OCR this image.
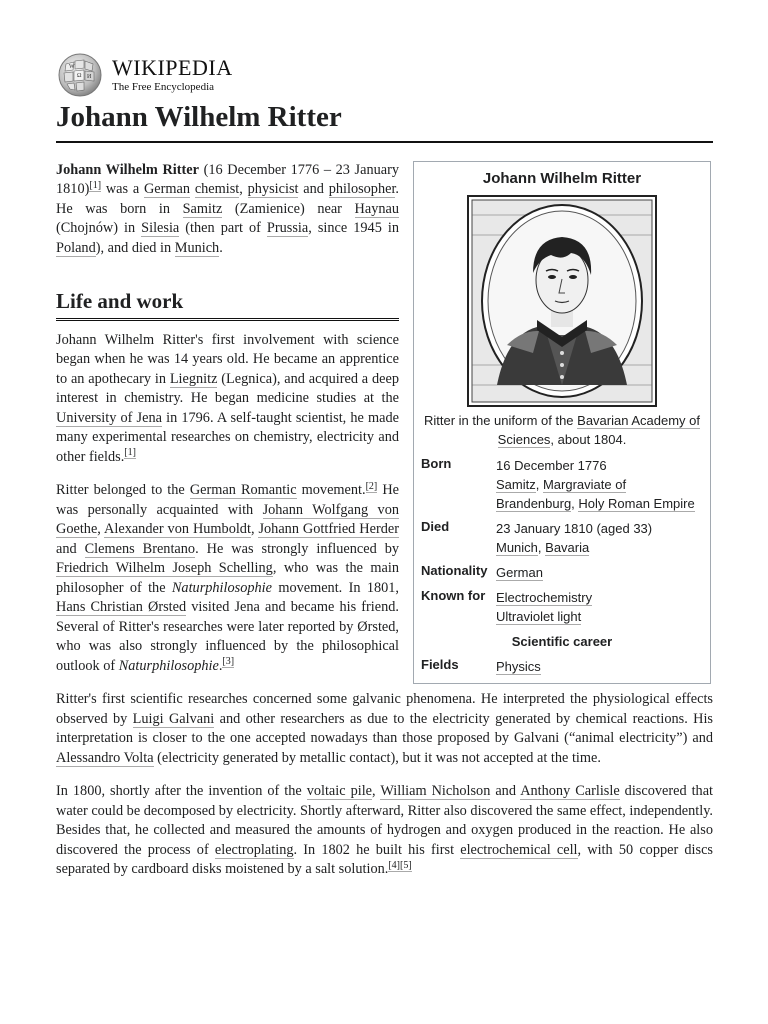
W
Ω И WIKIPEDIA
The Free Encyclopedia
Johann Wilhelm Ritter

Johann Wilhelm Ritter (16 December 1776 – 23 January 1810)[1] was a German chemist, physicist and philosopher. He was born in Samitz (Zamienice) near Haynau (Chojnów) in Silesia (then part of Prussia, since 1945 in Poland), and died in Munich.

Life and work

Johann Wilhelm Ritter's first involvement with science began when he was 14 years old. He became an apprentice to an apothecary in Liegnitz (Legnica), and acquired a deep interest in chemistry. He began medicine studies at the University of Jena in 1796. A self-taught scientist, he made many experimental researches on chemistry, electricity and other fields.[1]

Ritter belonged to the German Romantic movement.[2] He was personally acquainted with Johann Wolfgang von Goethe, Alexander von Humboldt, Johann Gottfried Herder and Clemens Brentano. He was strongly influenced by Friedrich Wilhelm Joseph Schelling, who was the main philosopher of the Naturphilosophie movement. In 1801, Hans Christian Ørsted visited Jena and became his friend. Several of Ritter's researches were later reported by Ørsted, who was also strongly influenced by the philosophical outlook of Naturphilosophie.[3]

Ritter's first scientific researches concerned some galvanic phenomena. He interpreted the physiological effects observed by Luigi Galvani and other researchers as due to the electricity generated by chemical reactions. His interpretation is closer to the one accepted nowadays than those proposed by Galvani (“animal electricity”) and Alessandro Volta (electricity generated by metallic contact), but it was not accepted at the time.

In 1800, shortly after the invention of the voltaic pile, William Nicholson and Anthony Carlisle discovered that water could be decomposed by electricity. Shortly afterward, Ritter also discovered the same effect, independently. Besides that, he collected and measured the amounts of hydrogen and oxygen produced in the reaction. He also discovered the process of electroplating. In 1802 he built his first electrochemical cell, with 50 copper discs separated by cardboard disks moistened by a salt solution.[4][5]

Johann Wilhelm Ritter
Ritter in the uniform of the Bavarian Academy of Sciences, about 1804.
Born	16 December 1776
Samitz, Margraviate of Brandenburg, Holy Roman Empire
Died	23 January 1810 (aged 33)
Munich, Bavaria
Nationality	German
Known for	Electrochemistry
Ultraviolet light
Scientific career	
Fields	Physics
